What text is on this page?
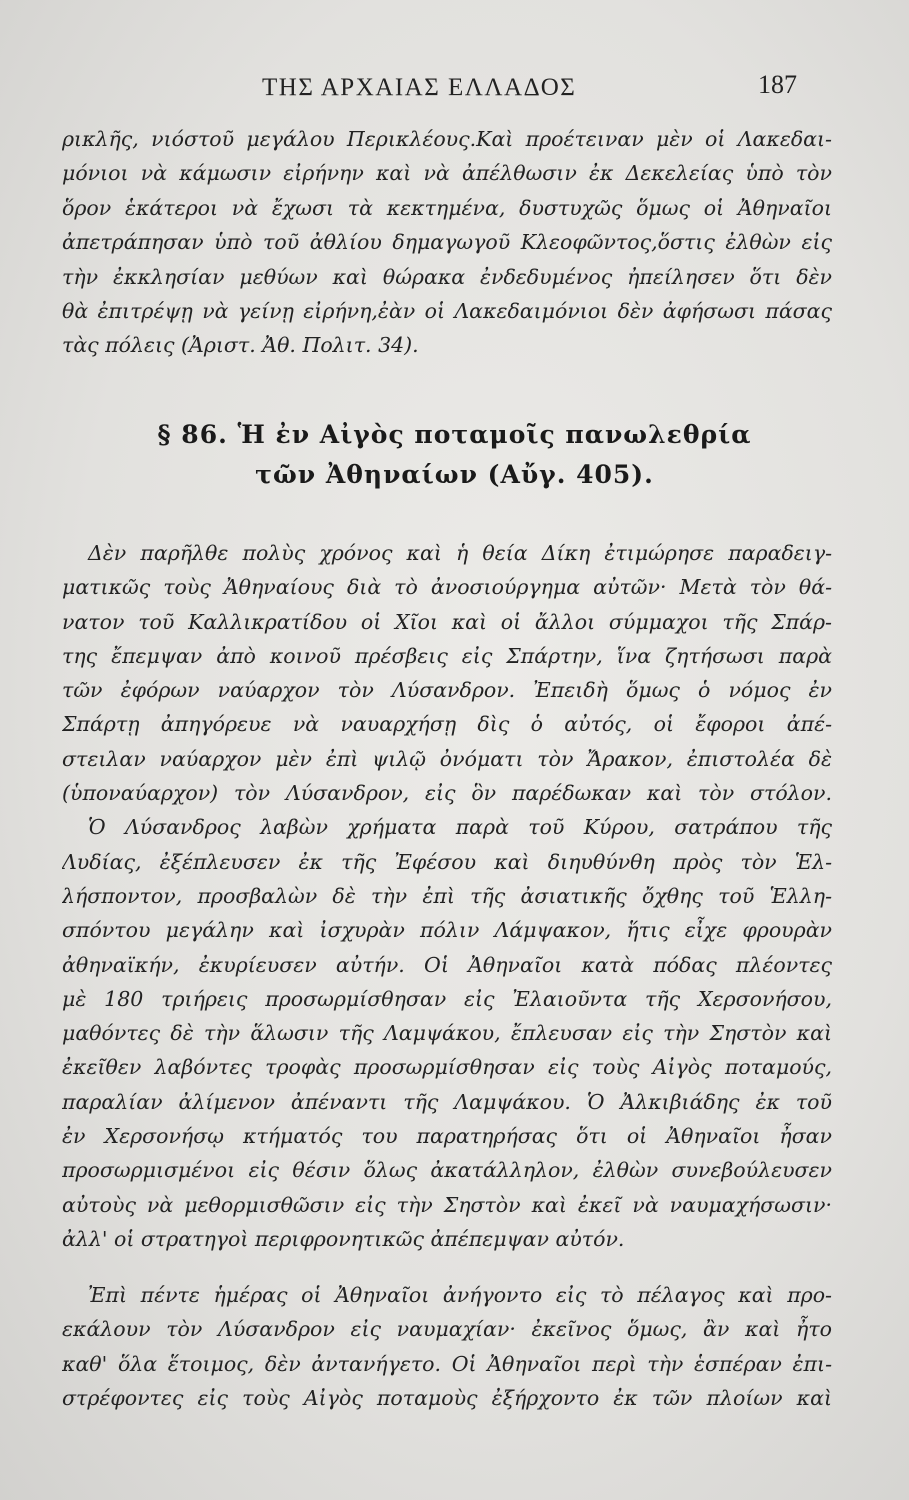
ΤΗΣ ΑΡΧΑΙΑΣ ΕΛΛΑΔΟΣ	187
ρικλῆς, νιόστοῦ μεγάλου Περικλέους.Καὶ προέτειναν μὲν οἱ Λακεδαι-
μόνιοι νὰ κάμωσιν εἰρήνην καὶ νὰ ἀπέλθωσιν ἐκ Δεκελείας ὑπὸ τὸν
ὅρον ἑκάτεροι νὰ ἔχωσι τὰ κεκτημένα, δυστυχῶς ὅμως οἱ Ἀθηναῖοι
ἀπετράπησαν ὑπὸ τοῦ ἀθλίου δημαγωγοῦ Κλεοφῶντος,ὅστις ἐλθὼν εἰς
τὴν ἐκκλησίαν μεθύων καὶ θώρακα ἐνδεδυμένος ἠπείλησεν ὅτι δὲν
θὰ ἐπιτρέψῃ νὰ γείνῃ εἰρήνη,ἐὰν οἱ Λακεδαιμόνιοι δὲν ἀφήσωσι πάσας
τὰς πόλεις (Ἀριστ. Ἀθ. Πολιτ. 34).
§ 86. Ἡ ἐν Αἰγὸς ποταμοῖς πανωλεθρία
τῶν Ἀθηναίων (Αὔγ. 405).
Δὲν παρῆλθε πολὺς χρόνος καὶ ἡ θεία Δίκη ἐτιμώρησε παραδειγ-
ματικῶς τοὺς Ἀθηναίους διὰ τὸ ἀνοσιούργημα αὐτῶν· Μετὰ τὸν θά-
νατον τοῦ Καλλικρατίδου οἱ Χῖοι καὶ οἱ ἄλλοι σύμμαχοι τῆς Σπάρ-
της ἔπεμψαν ἀπὸ κοινοῦ πρέσβεις εἰς Σπάρτην, ἵνα ζητήσωσι παρὰ
τῶν ἐφόρων ναύαρχον τὸν Λύσανδρον. Ἐπειδὴ ὅμως ὁ νόμος ἐν
Σπάρτῃ ἀπηγόρευε νὰ ναυαρχήσῃ δὶς ὁ αὐτός, οἱ ἔφοροι ἀπέ-
στειλαν ναύαρχον μὲν ἐπὶ ψιλῷ ὀνόματι τὸν Ἄρακον, ἐπιστολέα δὲ
(ὑποναύαρχον) τὸν Λύσανδρον, εἰς ὃν παρέδωκαν καὶ τὸν στόλον.
Ὁ Λύσανδρος λαβὼν χρήματα παρὰ τοῦ Κύρου, σατράπου τῆς
Λυδίας, ἐξέπλευσεν ἐκ τῆς Ἐφέσου καὶ διηυθύνθη πρὸς τὸν Ἑλ-
λήσποντον, προσβαλὼν δὲ τὴν ἐπὶ τῆς ἀσιατικῆς ὄχθης τοῦ Ἑλλη-
σπόντου μεγάλην καὶ ἰσχυρὰν πόλιν Λάμψακον, ἥτις εἶχε φρουρὰν
ἀθηναϊκήν, ἐκυρίευσεν αὐτήν. Οἱ Ἀθηναῖοι κατὰ πόδας πλέοντες
μὲ 180 τριήρεις προσωρμίσθησαν εἰς Ἐλαιοῦντα τῆς Χερσονήσου,
μαθόντες δὲ τὴν ἅλωσιν τῆς Λαμψάκου, ἔπλευσαν εἰς τὴν Σηστὸν καὶ
ἐκεῖθεν λαβόντες τροφὰς προσωρμίσθησαν εἰς τοὺς Αἰγὸς ποταμούς,
παραλίαν ἀλίμενον ἀπέναντι τῆς Λαμψάκου. Ὁ Ἀλκιβιάδης ἐκ τοῦ
ἐν Χερσονήσῳ κτήματός του παρατηρήσας ὅτι οἱ Ἀθηναῖοι ἦσαν
προσωρμισμένοι εἰς θέσιν ὅλως ἀκατάλληλον, ἐλθὼν συνεβούλευσεν
αὐτοὺς νὰ μεθορμισθῶσιν εἰς τὴν Σηστὸν καὶ ἐκεῖ νὰ ναυμαχήσωσιν·
ἀλλ' οἱ στρατηγοὶ περιφρονητικῶς ἀπέπεμψαν αὐτόν.
Ἐπὶ πέντε ἡμέρας οἱ Ἀθηναῖοι ἀνήγοντο εἰς τὸ πέλαγος καὶ προ-
εκάλουν τὸν Λύσανδρον εἰς ναυμαχίαν· ἐκεῖνος ὅμως, ἂν καὶ ἦτο
καθ' ὅλα ἕτοιμος, δὲν ἀντανήγετο. Οἱ Ἀθηναῖοι περὶ τὴν ἑσπέραν ἐπι-
στρέφοντες εἰς τοὺς Αἰγὸς ποταμοὺς ἐξήρχοντο ἐκ τῶν πλοίων καὶ
